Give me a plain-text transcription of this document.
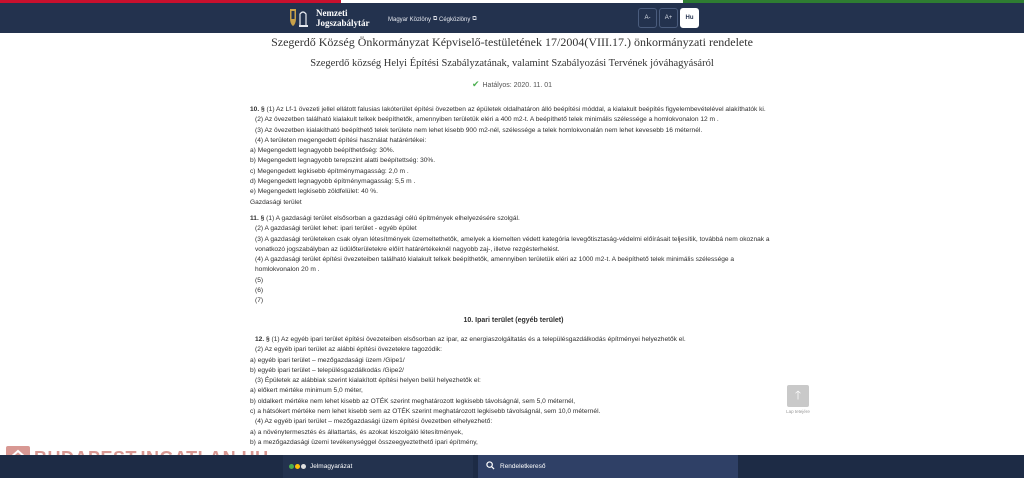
Nemzeti
Jogszabálytár	Magyar Közlöny ⧉ Cégközlöny ⧉	A-	A+	Hu
Szegerdő Község Önkormányzat Képviselő-testületének 17/2004(VIII.17.) önkormányzati rendelete
Szegerdő község Helyi Építési Szabályzatának, valamint Szabályozási Tervének jóváhagyásáról
✔ Hatályos: 2020. 11. 01

10. § (1) Az Lf-1 övezeti jellel ellátott falusias lakóterület építési övezetben az épületek oldalhatáron álló beépítési móddal, a kialakult beépítés figyelembevételével alakíthatók ki.

(2) Az övezetben található kialakult telkek beépíthetők, amennyiben területük eléri a 400 m2-t. A beépíthető telek minimális szélessége a homlokvonalon 12 m .

(3) Az övezetben kialakítható beépíthető telek területe nem lehet kisebb 900 m2-nél, szélessége a telek homlokvonalán nem lehet kevesebb 16 méternél.

(4) A területen megengedett építési használat határértékei:

a) Megengedett legnagyobb beépíthetőség: 30%.

b) Megengedett legnagyobb terepszint alatti beépítettség: 30%.

c) Megengedett legkisebb építménymagasság: 2,0 m .

d) Megengedett legnagyobb építménymagasság: 5,5 m .

e) Megengedett legkisebb zöldfelület: 40 %.

Gazdasági terület

11. § (1) A gazdasági terület elsősorban a gazdasági célú építmények elhelyezésére szolgál.

(2) A gazdasági terület lehet: ipari terület - egyéb épület

(3) A gazdasági területeken csak olyan létesítmények üzemeltethetők, amelyek a kiemelten védett kategória levegőtisztaság-védelmi előírásait teljesítik, továbbá nem okoznak a vonatkozó jogszabályban az üdülőterületekre előírt határértékeknél nagyobb zaj-, illetve rezgésterhelést.

(4) A gazdasági terület építési övezeteiben található kialakult telkek beépíthetők, amennyiben területük eléri az 1000 m2-t. A beépíthető telek minimális szélessége a homlokvonalon 20 m .

(5)

(6)

(7)

10. Ipari terület (egyéb terület)

12. § (1) Az egyéb ipari terület építési övezeteiben elsősorban az ipar, az energiaszolgáltatás és a településgazdálkodás építményei helyezhetők el.

(2) Az egyéb ipari terület az alábbi építési övezetekre tagozódik:

a) egyéb ipari terület – mezőgazdasági üzem /Gipe1/

b) egyéb ipari terület – településgazdálkodás /Gipe2/

(3) Épületek az alábbiak szerint kialakított építési helyen belül helyezhetők el:

a) előkert mértéke minimum 5,0 méter,

b) oldalkert mértéke nem lehet kisebb az OTÉK szerint meghatározott legkisebb távolságnál, sem 5,0 méternél,

c) a hátsókert mértéke nem lehet kisebb sem az OTÉK szerint meghatározott legkisebb távolságnál, sem 10,0 méternél.

(4) Az egyéb ipari terület – mezőgazdasági üzem építési övezetben elhelyezhető:

a) a növénytermesztés és állattartás, és azokat kiszolgáló létesítmények,

b) a mezőgazdasági üzemi tevékenységgel összeegyeztethető ipari építmény,

🡑
Lap tetejére
Jelmagyarázat	Rendeletkereső
